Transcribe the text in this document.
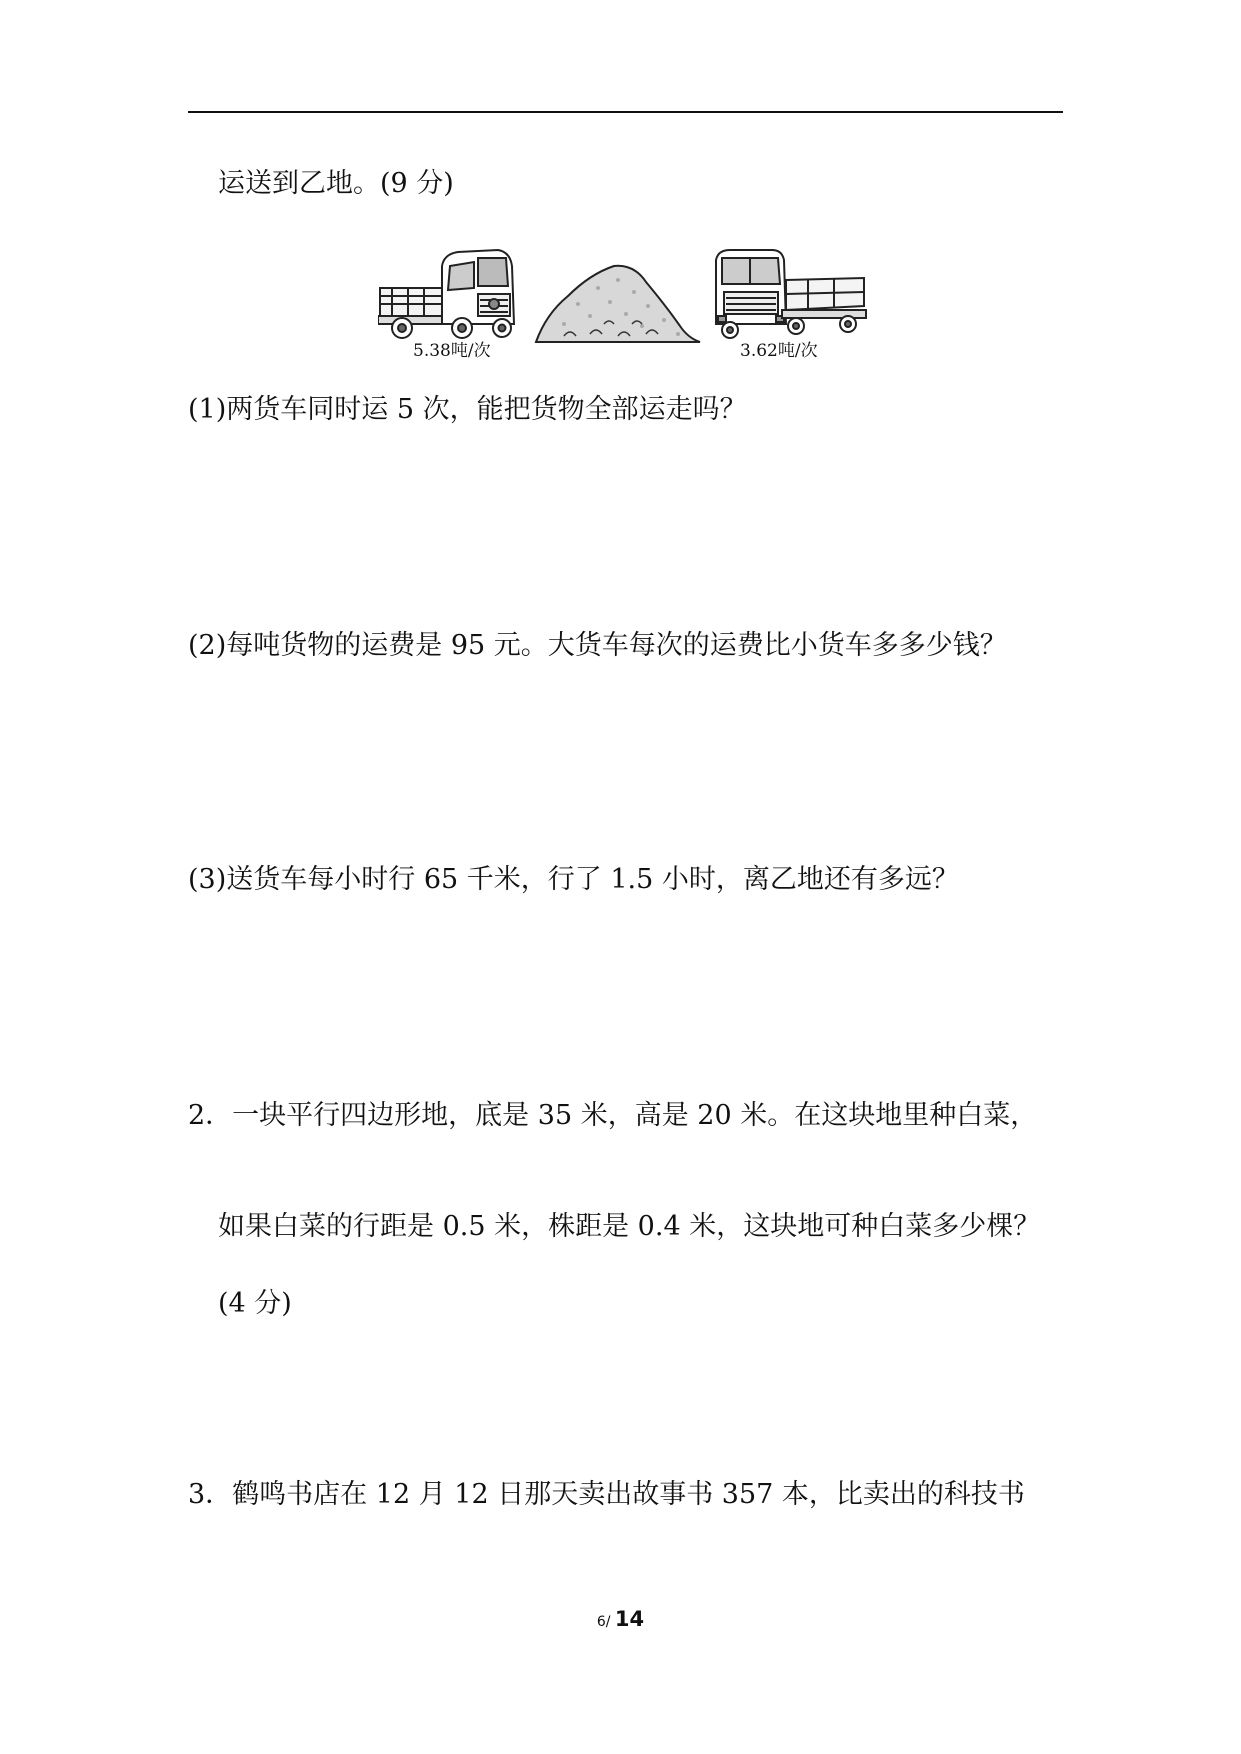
运送到乙地。(9 分)
5.38吨/次	3.62吨/次
(1)两货车同时运 5 次，能把货物全部运走吗？
(2)每吨货物的运费是 95 元。大货车每次的运费比小货车多多少钱？
(3)送货车每小时行 65 千米，行了 1.5 小时，离乙地还有多远？
2．一块平行四边形地，底是 35 米，高是 20 米。在这块地里种白菜，
如果白菜的行距是 0.5 米，株距是 0.4 米，这块地可种白菜多少棵？
(4 分)
3．鹤鸣书店在 12 月 12 日那天卖出故事书 357 本，比卖出的科技书
6/ 14
